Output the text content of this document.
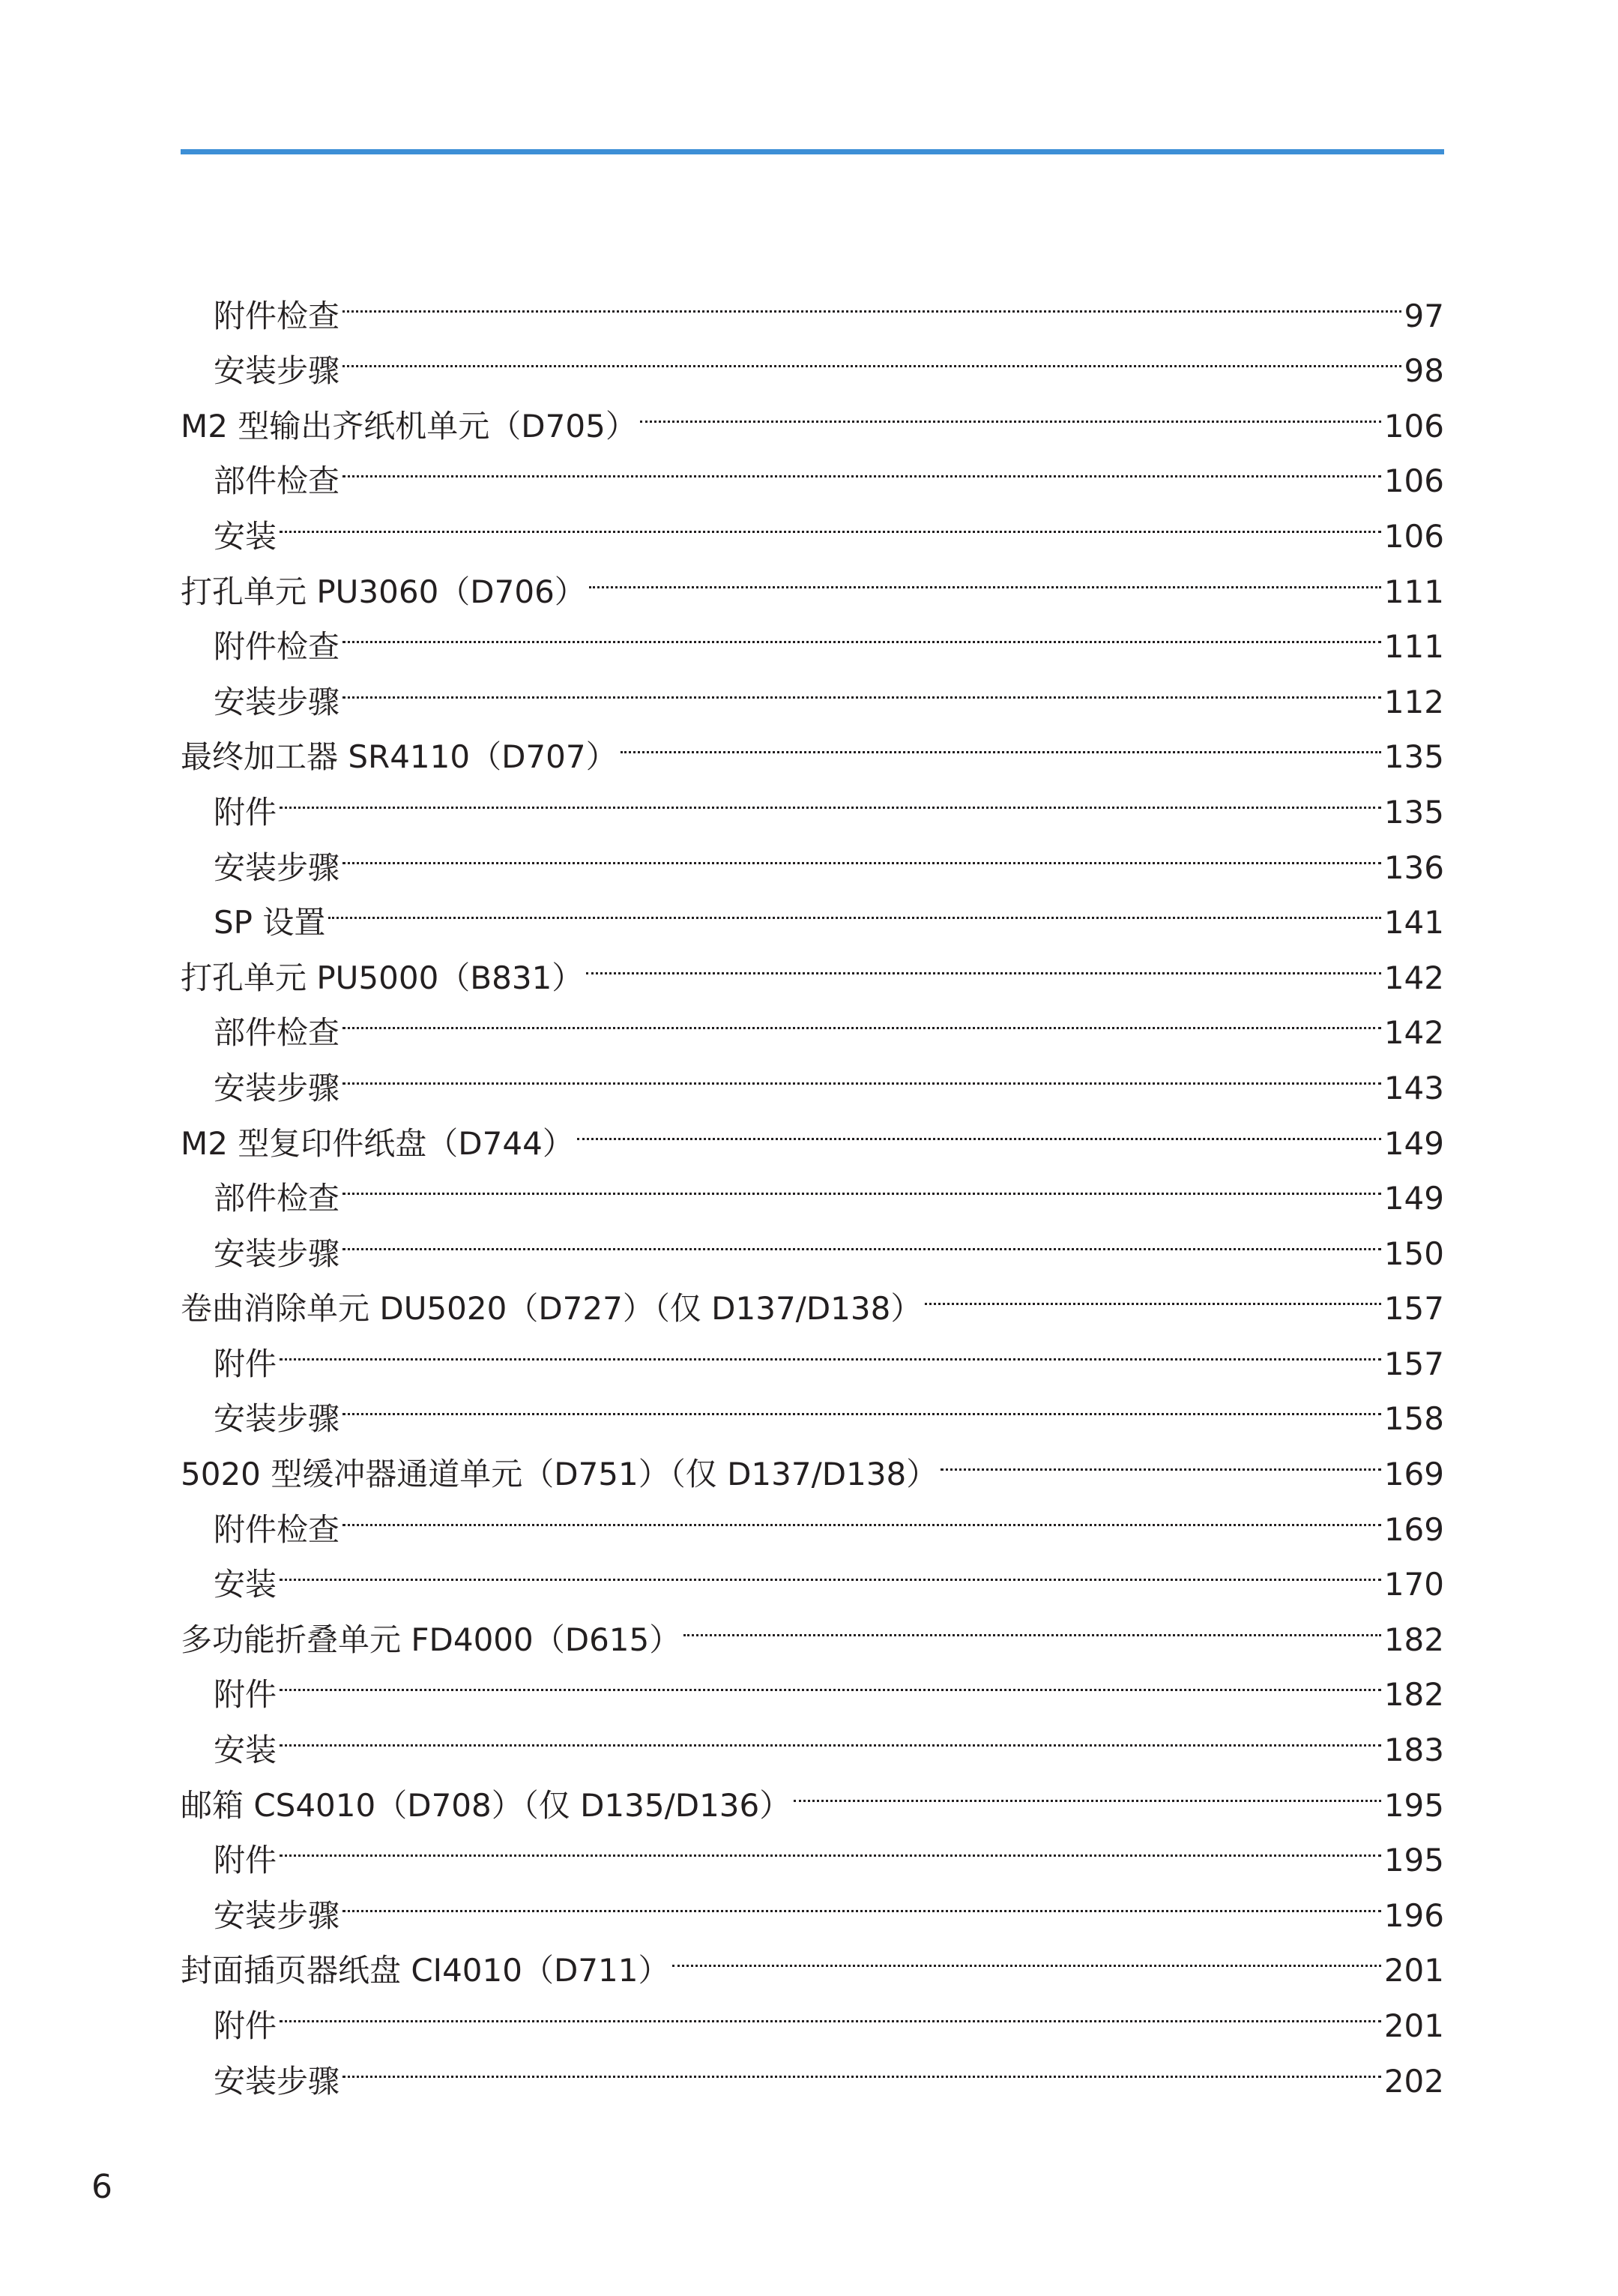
附件检查	97
安装步骤	98
M2 型输出齐纸机单元（D705）	106
部件检查	106
安装	106
打孔单元 PU3060（D706）	111
附件检查	111
安装步骤	112
最终加工器 SR4110（D707）	135
附件	135
安装步骤	136
SP 设置	141
打孔单元 PU5000（B831）	142
部件检查	142
安装步骤	143
M2 型复印件纸盘（D744）	149
部件检查	149
安装步骤	150
卷曲消除单元 DU5020（D727）（仅 D137/D138）	157
附件	157
安装步骤	158
5020 型缓冲器通道单元（D751）（仅 D137/D138）	169
附件检查	169
安装	170
多功能折叠单元 FD4000（D615）	182
附件	182
安装	183
邮箱 CS4010（D708）（仅 D135/D136）	195
附件	195
安装步骤	196
封面插页器纸盘 CI4010（D711）	201
附件	201
安装步骤	202
6
